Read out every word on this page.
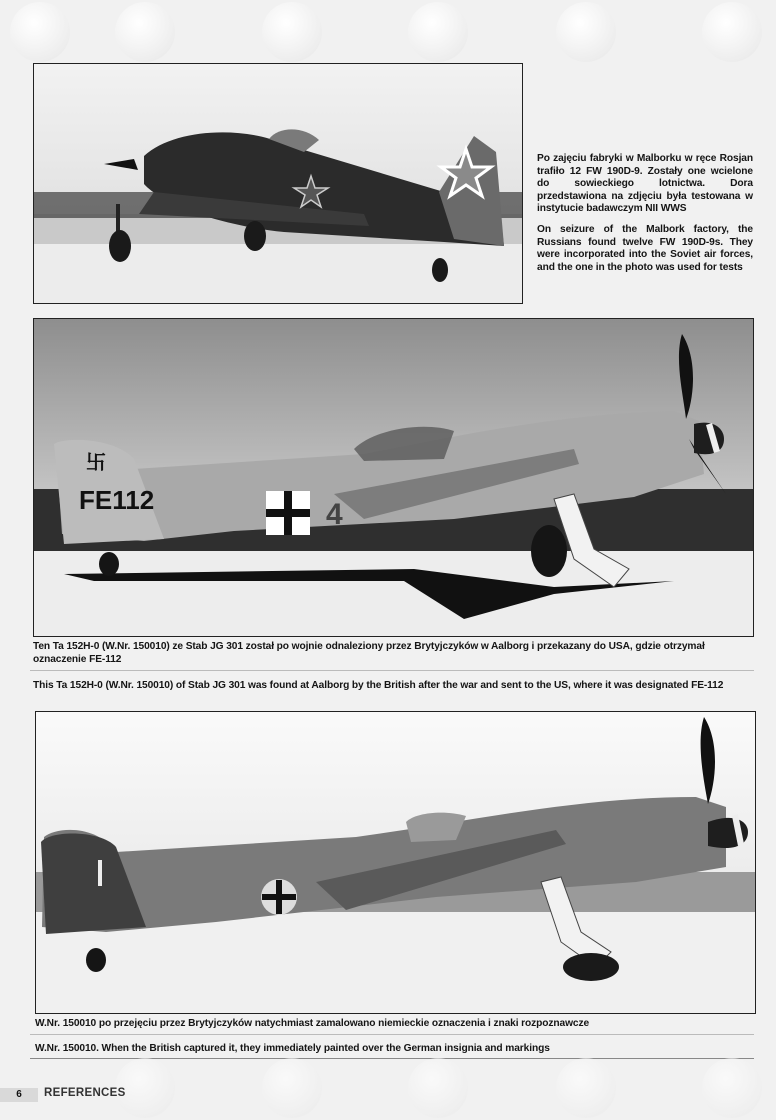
Po zajęciu fabryki w Malborku w ręce Rosjan trafiło 12 FW 190D-9. Zostały one wcielone do sowieckiego lotnictwa. Dora przedstawiona na zdjęciu była testowana w instytucie badawczym NII WWS

On seizure of the Malbork factory, the Russians found twelve FW 190D-9s. They were incorporated into the Soviet air forces, and the one in the photo was used for tests

卐
FE112	4
Ten Ta 152H-0 (W.Nr. 150010) ze Stab JG 301 został po wojnie odnaleziony przez Brytyjczyków w Aalborg i przekazany do USA, gdzie otrzymał oznaczenie FE-112
This Ta 152H-0 (W.Nr. 150010) of Stab JG 301 was found at Aalborg by the British after the war and sent to the US, where it was designated FE-112
W.Nr. 150010 po przejęciu przez Brytyjczyków natychmiast zamalowano niemieckie oznaczenia i znaki rozpoznawcze
W.Nr. 150010. When the British captured it, they immediately painted over the German insignia and markings
6	REFERENCES
